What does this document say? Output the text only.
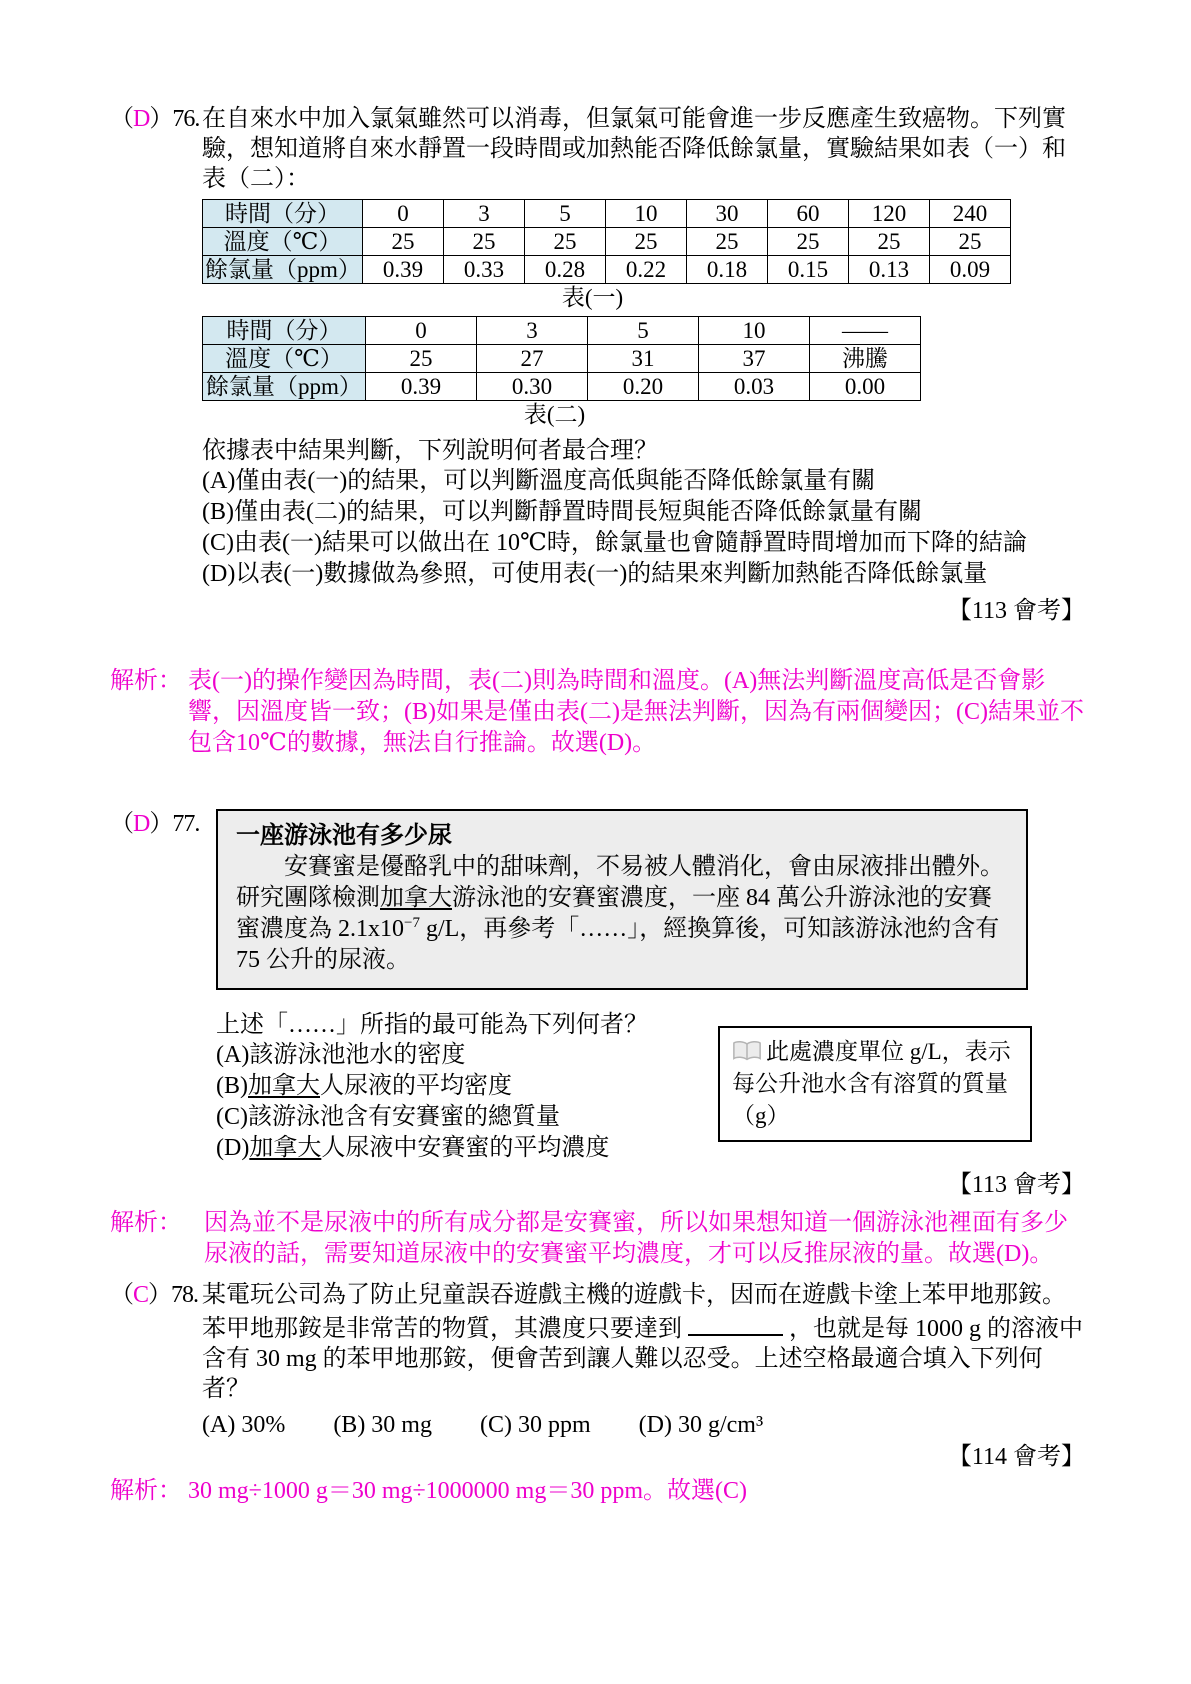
（D）76. 在自來水中加入氯氣雖然可以消毒，但氯氣可能會進一步反應產生致癌物。下列實
驗，想知道將自來水靜置一段時間或加熱能否降低餘氯量，實驗結果如表（一）和
表（二）：
時間（分）	0	3	5	10	30	60	120	240
溫度（℃）	25	25	25	25	25	25	25	25
餘氯量（ppm）	0.39	0.33	0.28	0.22	0.18	0.15	0.13	0.09
表(一)
時間（分）	0	3	5	10	——
溫度（℃）	25	27	31	37	沸騰
餘氯量（ppm）	0.39	0.30	0.20	0.03	0.00
表(二)
依據表中結果判斷，下列說明何者最合理？
(A)僅由表(一)的結果，可以判斷溫度高低與能否降低餘氯量有關
(B)僅由表(二)的結果，可以判斷靜置時間長短與能否降低餘氯量有關
(C)由表(一)結果可以做出在 10℃時，餘氯量也會隨靜置時間增加而下降的結論
(D)以表(一)數據做為參照，可使用表(一)的結果來判斷加熱能否降低餘氯量
【113 會考】
解析： 表(一)的操作變因為時間，表(二)則為時間和溫度。(A)無法判斷溫度高低是否會影響，因溫度皆一致；(B)如果是僅由表(二)是無法判斷，因為有兩個變因；(C)結果並不包含10℃的數據，無法自行推論。故選(D)。
（D）77. 一座游泳池有多少尿

安賽蜜是優酪乳中的甜味劑，不易被人體消化，會由尿液排出體外。研究團隊檢測加拿大游泳池的安賽蜜濃度，一座 84 萬公升游泳池的安賽蜜濃度為 $2.1x10^{-7}$ g/L，再參考「……」，經換算後，可知該游泳池約含有 75 公升的尿液。

上述「……」所指的最可能為下列何者？
(A)該游泳池池水的密度
(B)加拿大人尿液的平均密度
(C)該游泳池含有安賽蜜的總質量
(D)加拿大人尿液中安賽蜜的平均濃度
此處濃度單位 g/L，表示每公升池水含有溶質的質量（g）
【113 會考】
解析： 因為並不是尿液中的所有成分都是安賽蜜，所以如果想知道一個游泳池裡面有多少尿液的話，需要知道尿液中的安賽蜜平均濃度，才可以反推尿液的量。故選(D)。
（C）78. 某電玩公司為了防止兒童誤吞遊戲主機的遊戲卡，因而在遊戲卡塗上苯甲地那銨。
苯甲地那銨是非常苦的物質，其濃度只要達到	，也就是每 1000 g 的溶液中
含有 30 mg 的苯甲地那銨，便會苦到讓人難以忍受。上述空格最適合填入下列何
者？
(A) 30% (B) 30 mg (C) 30 ppm (D) 30 g/cm³
【114 會考】
解析： 30 mg÷1000 g＝30 mg÷1000000 mg＝30 ppm。故選(C)
